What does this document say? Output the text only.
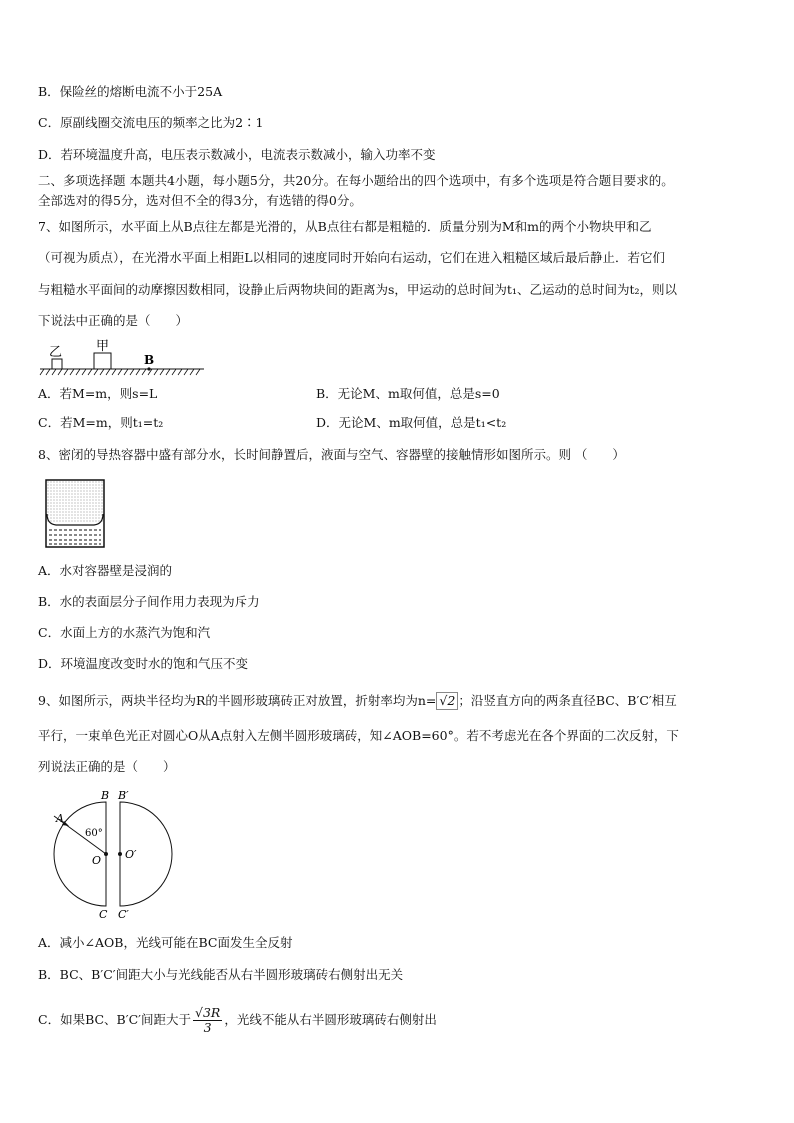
B．保险丝的熔断电流不小于25A
C．原副线圈交流电压的频率之比为2∶1
D．若环境温度升高，电压表示数减小，电流表示数减小，输入功率不变
二、多项选择题 本题共4小题，每小题5分，共20分。在每小题给出的四个选项中，有多个选项是符合题目要求的。
全部选对的得5分，选对但不全的得3分，有选错的得0分。
7、如图所示，水平面上从B点往左都是光滑的，从B点往右都是粗糙的．质量分别为M和m的两个小物块甲和乙
（可视为质点），在光滑水平面上相距L以相同的速度同时开始向右运动，它们在进入粗糙区域后最后静止．若它们
与粗糙水平面间的动摩擦因数相同，设静止后两物块间的距离为s，甲运动的总时间为t₁、乙运动的总时间为t₂，则以
下说法中正确的是（　　）
乙	甲
B
A．若M=m，则s=L	B．无论M、m取何值，总是s=0
C．若M=m，则t₁=t₂	D．无论M、m取何值，总是t₁<t₂
8、密闭的导热容器中盛有部分水，长时间静置后，液面与空气、容器壁的接触情形如图所示。则 （　　）
A．水对容器壁是浸润的
B．水的表面层分子间作用力表现为斥力
C．水面上方的水蒸汽为饱和汽
D．环境温度改变时水的饱和气压不变
9、如图所示，两块半径均为R的半圆形玻璃砖正对放置，折射率均为n= √2 ；沿竖直方向的两条直径BC、B′C′相互
平行，一束单色光正对圆心O从A点射入左侧半圆形玻璃砖，知∠AOB=60°。若不考虑光在各个界面的二次反射，下
列说法正确的是（　　）
B B′
A
60°
O O′
C C′
A．减小∠AOB，光线可能在BC面发生全反射
B．BC、B′C′间距大小与光线能否从右半圆形玻璃砖右侧射出无关
C．如果BC、B′C′间距大于 $\frac{√3R}{3}$ ，光线不能从右半圆形玻璃砖右侧射出
